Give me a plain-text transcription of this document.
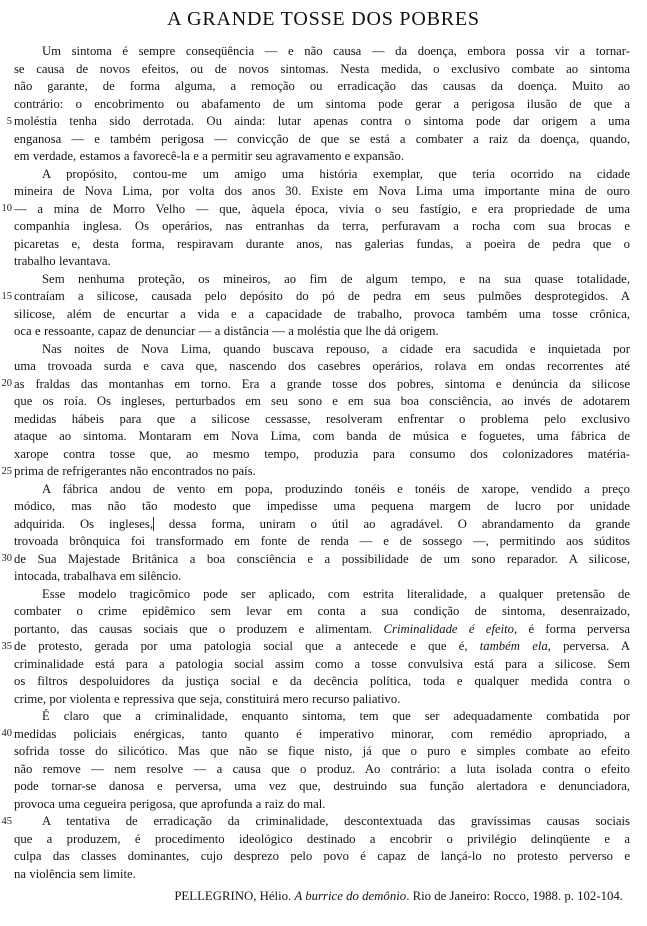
A GRANDE TOSSE DOS POBRES
Um sintoma é sempre conseqüência — e não causa — da doença, embora possa vir a tornar-
se causa de novos efeitos, ou de novos sintomas. Nesta medida, o exclusivo combate ao sintoma
não garante, de forma alguma, a remoção ou erradicação das causas da doença. Muito ao
contrário: o encobrimento ou abafamento de um sintoma pode gerar a perigosa ilusão de que a
5 moléstia tenha sido derrotada. Ou ainda: lutar apenas contra o sintoma pode dar origem a uma
enganosa — e também perigosa — convicção de que se está a combater a raiz da doença, quando,
em verdade, estamos a favorecê-la e a permitir seu agravamento e expansão.
A propósito, contou-me um amigo uma história exemplar, que teria ocorrido na cidade
mineira de Nova Lima, por volta dos anos 30. Existe em Nova Lima uma importante mina de ouro
10 — a mina de Morro Velho — que, àquela época, vivia o seu fastígio, e era propriedade de uma
companhia inglesa. Os operários, nas entranhas da terra, perfuravam a rocha com sua brocas e
picaretas e, desta forma, respiravam durante anos, nas galerias fundas, a poeira de pedra que o
trabalho levantava.
Sem nenhuma proteção, os mineiros, ao fim de algum tempo, e na sua quase totalidade,
15 contraíam a silicose, causada pelo depósito do pó de pedra em seus pulmões desprotegidos. A
silicose, além de encurtar a vida e a capacidade de trabalho, provoca também uma tosse crônica,
oca e ressoante, capaz de denunciar — a distância — a moléstia que lhe dá origem.
Nas noites de Nova Lima, quando buscava repouso, a cidade era sacudida e inquietada por
uma trovoada surda e cava que, nascendo dos casebres operários, rolava em ondas recorrentes até
20 as fraldas das montanhas em torno. Era a grande tosse dos pobres, sintoma e denúncia da silicose
que os roía. Os ingleses, perturbados em seu sono e em sua boa consciência, ao invés de adotarem
medidas hábeis para que a silicose cessasse, resolveram enfrentar o problema pelo exclusivo
ataque ao sintoma. Montaram em Nova Lima, com banda de música e foguetes, uma fábrica de
xarope contra tosse que, ao mesmo tempo, produzia para consumo dos colonizadores matéria-
25 prima de refrigerantes não encontrados no país.
A fábrica andou de vento em popa, produzindo tonéis e tonéis de xarope, vendido a preço
módico, mas não tão modesto que impedisse uma pequena margem de lucro por unidade
adquirida. Os ingleses, dessa forma, uniram o útil ao agradável. O abrandamento da grande
trovoada brônquica foi transformado em fonte de renda — e de sossego —, permitindo aos súditos
30 de Sua Majestade Britânica a boa consciência e a possibilidade de um sono reparador. A silicose,
intocada, trabalhava em silêncio.
Esse modelo tragicômico pode ser aplicado, com estrita literalidade, a qualquer pretensão de
combater o crime epidêmico sem levar em conta a sua condição de sintoma, desenraizado,
portanto, das causas sociais que o produzem e alimentam. Criminalidade é efeito, é forma perversa
35 de protesto, gerada por uma patologia social que a antecede e que é, também ela, perversa. A
criminalidade está para a patologia social assim como a tosse convulsiva está para a silicose. Sem
os filtros despoluidores da justiça social e da decência política, toda e qualquer medida contra o
crime, por violenta e repressiva que seja, constituirá mero recurso paliativo.
É claro que a criminalidade, enquanto sintoma, tem que ser adequadamente combatida por
40 medidas policiais enérgicas, tanto quanto é imperativo minorar, com remédio apropriado, a
sofrida tosse do silicótico. Mas que não se fique nisto, já que o puro e simples combate ao efeito
não remove — nem resolve — a causa que o produz. Ao contrário: a luta isolada contra o efeito
pode tornar-se danosa e perversa, uma vez que, destruindo sua função alertadora e denunciadora,
provoca uma cegueira perigosa, que aprofunda a raiz do mal.
45 A tentativa de erradicação da criminalidade, descontextuada das gravíssimas causas sociais
que a produzem, é procedimento ideológico destinado a encobrir o privilégio delinqüente e a
culpa das classes dominantes, cujo desprezo pelo povo é capaz de lançá-lo no protesto perverso e
na violência sem limite.
PELLEGRINO, Hélio. A burrice do demônio. Rio de Janeiro: Rocco, 1988. p. 102-104.
